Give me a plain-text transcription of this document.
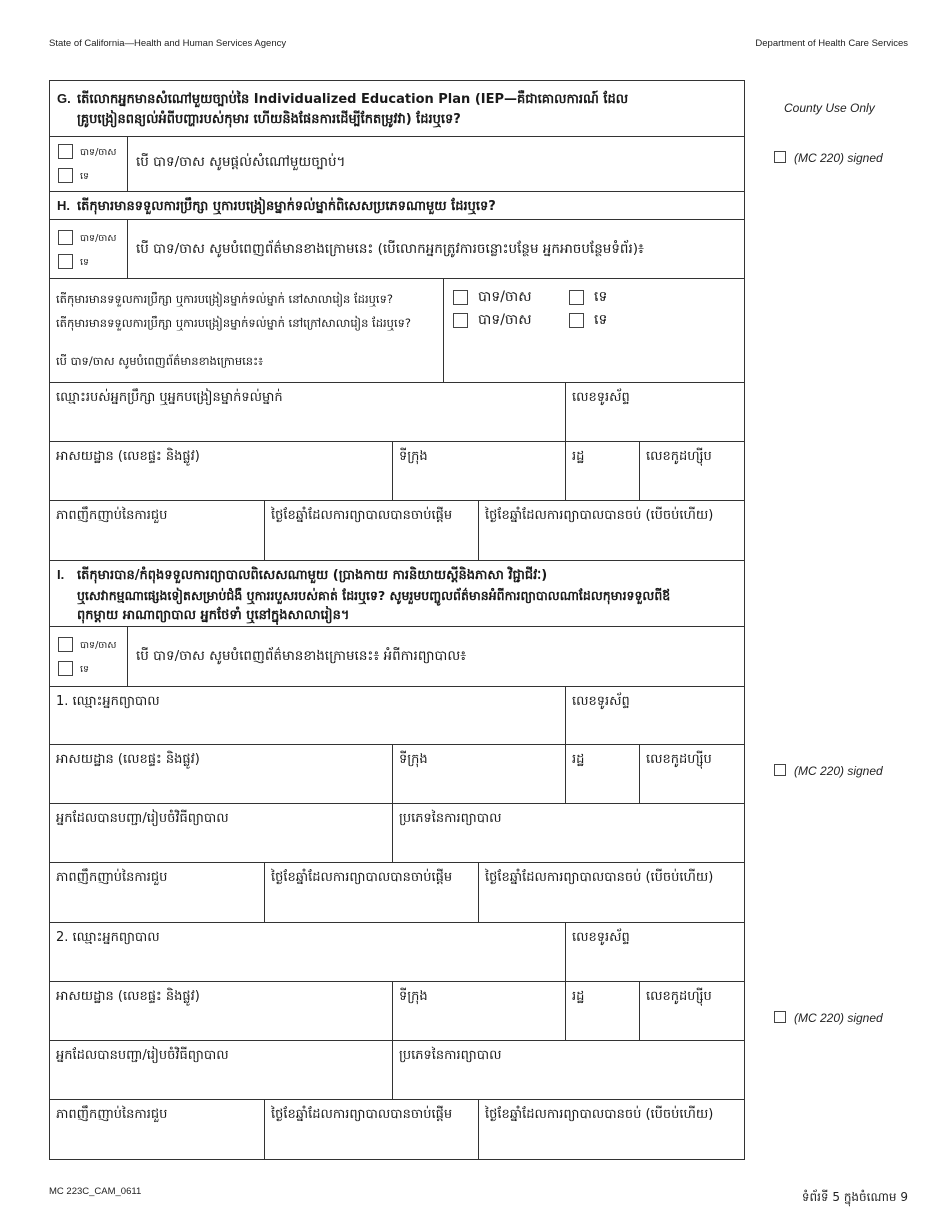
State of California—Health and Human Services Agency	Department of Health Care Services
County Use Only
(MC 220) signed
(MC 220) signed
(MC 220) signed
G. តើលោកអ្នកមានសំណៅមួយច្បាប់នៃ Individualized Education Plan (IEP—គឺជាគោលការណ៍ ដែល
គ្រូបង្រៀនពន្យល់អំពីបញ្ហារបស់កុមារ ហើយនិងផែនការដើម្បីកែតម្រូវវា) ដែរឬទេ?
បាទ/ចាស
ទេ
បើ បាទ/ចាស សូមផ្តល់សំណៅមួយច្បាប់។
H. តើកុមារមានទទួលការប្រឹក្សា ឬការបង្រៀនម្នាក់ទល់ម្នាក់ពិសេសប្រភេទណាមួយ ដែរឬទេ?
បាទ/ចាស
ទេ
បើ បាទ/ចាស សូមបំពេញព័ត៌មានខាងក្រោមនេះ (បើលោកអ្នកត្រូវការចន្លោះបន្ថែម អ្នកអាចបន្ថែមទំព័រ)៖
តើកុមារមានទទួលការប្រឹក្សា ឬការបង្រៀនម្នាក់ទល់ម្នាក់ នៅសាលារៀន ដែរឬទេ?
តើកុមារមានទទួលការប្រឹក្សា ឬការបង្រៀនម្នាក់ទល់ម្នាក់ នៅក្រៅសាលារៀន ដែរឬទេ?
បើ បាទ/ចាស សូមបំពេញព័ត៌មានខាងក្រោមនេះ៖
បាទ/ចាស	ទេ
បាទ/ចាស	ទេ
ឈ្មោះរបស់អ្នកប្រឹក្សា ឬអ្នកបង្រៀនម្នាក់ទល់ម្នាក់	លេខទូរស័ព្ទ
អាសយដ្ឋាន (លេខផ្ទះ និងផ្លូវ)	ទីក្រុង	រដ្ឋ	លេខកូដហ្ស៊ីប
ភាពញឹកញាប់នៃការជួប	ថ្ងៃខែឆ្នាំដែលការព្យាបាលបានចាប់ផ្តើម	ថ្ងៃខែឆ្នាំដែលការព្យាបាលបានចប់ (បើចប់ហើយ)
I. តើកុមារបាន/កំពុងទទួលការព្យាបាលពិសេសណាមួយ (ប្រាងកាយ ការនិយាយស្តីនិងភាសា វិជ្ជាជីវៈ)
ឬសេវាកម្មណាផ្សេងទៀតសម្រាប់ជំងឺ ឬការរបួសរបស់គាត់ ដែរឬទេ? សូមរួមបញ្ចូលព័ត៌មានអំពីការព្យាបាលណាដែលកុមារទទួលពីឪ
ពុកម្តាយ អាណាព្យាបាល អ្នកថែទាំ ឬនៅក្នុងសាលារៀន។
បាទ/ចាស
ទេ
បើ បាទ/ចាស សូមបំពេញព័ត៌មានខាងក្រោមនេះ៖ អំពីការព្យាបាល៖
1. ឈ្មោះអ្នកព្យាបាល	លេខទូរស័ព្ទ
អាសយដ្ឋាន (លេខផ្ទះ និងផ្លូវ)	ទីក្រុង	រដ្ឋ	លេខកូដហ្ស៊ីប
អ្នកដែលបានបញ្ជា/រៀបចំវិធីព្យាបាល	ប្រភេទនៃការព្យាបាល
ភាពញឹកញាប់នៃការជួប	ថ្ងៃខែឆ្នាំដែលការព្យាបាលបានចាប់ផ្តើម	ថ្ងៃខែឆ្នាំដែលការព្យាបាលបានចប់ (បើចប់ហើយ)
2. ឈ្មោះអ្នកព្យាបាល	លេខទូរស័ព្ទ
អាសយដ្ឋាន (លេខផ្ទះ និងផ្លូវ)	ទីក្រុង	រដ្ឋ	លេខកូដហ្ស៊ីប
អ្នកដែលបានបញ្ជា/រៀបចំវិធីព្យាបាល	ប្រភេទនៃការព្យាបាល
ភាពញឹកញាប់នៃការជួប	ថ្ងៃខែឆ្នាំដែលការព្យាបាលបានចាប់ផ្តើម	ថ្ងៃខែឆ្នាំដែលការព្យាបាលបានចប់ (បើចប់ហើយ)
MC 223C_CAM_0611	ទំព័រទី 5 ក្នុងចំណោម 9
